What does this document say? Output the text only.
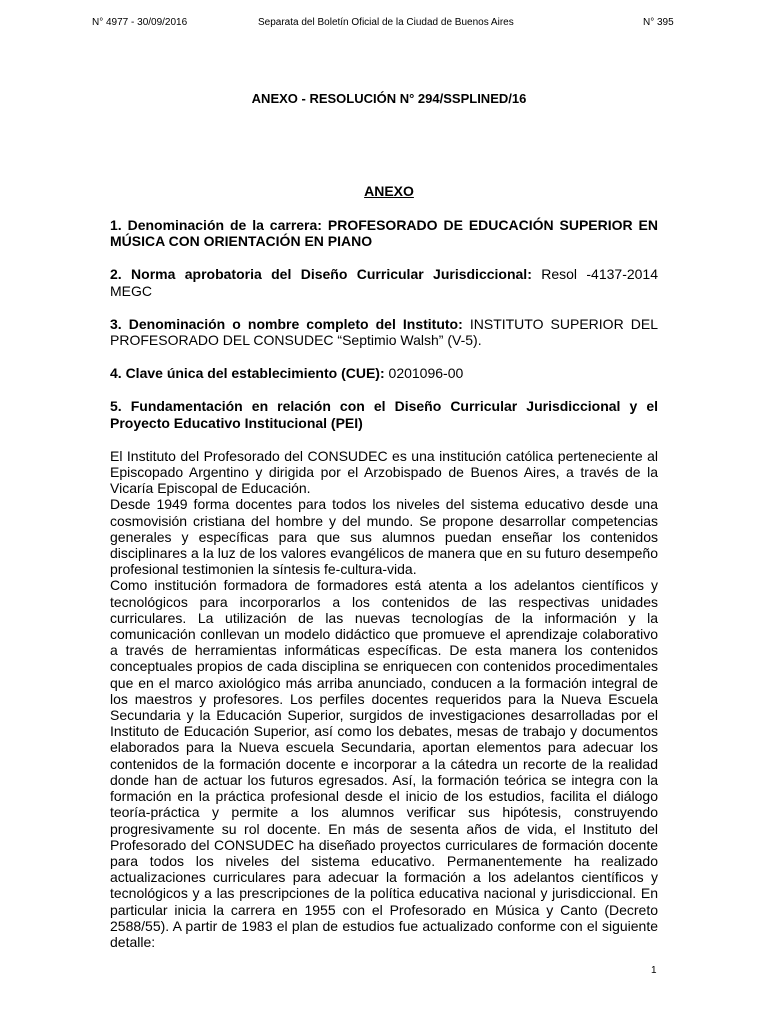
N° 4977 - 30/09/2016	Separata del Boletín Oficial de la Ciudad de Buenos Aires	N° 395
ANEXO - RESOLUCIÓN N° 294/SSPLINED/16
ANEXO

1. Denominación de la carrera: PROFESORADO DE EDUCACIÓN SUPERIOR EN MÚSICA CON ORIENTACIÓN EN PIANO

2. Norma aprobatoria del Diseño Curricular Jurisdiccional: Resol -4137-2014 MEGC

3. Denominación o nombre completo del Instituto: INSTITUTO SUPERIOR DEL PROFESORADO DEL CONSUDEC “Septimio Walsh” (V-5).

4. Clave única del establecimiento (CUE): 0201096-00

5. Fundamentación en relación con el Diseño Curricular Jurisdiccional y el Proyecto Educativo Institucional (PEI)

El Instituto del Profesorado del CONSUDEC es una institución católica perteneciente al Episcopado Argentino y dirigida por el Arzobispado de Buenos Aires, a través de la Vicaría Episcopal de Educación.

Desde 1949 forma docentes para todos los niveles del sistema educativo desde una cosmovisión cristiana del hombre y del mundo. Se propone desarrollar competencias generales y específicas para que sus alumnos puedan enseñar los contenidos disciplinares a la luz de los valores evangélicos de manera que en su futuro desempeño profesional testimonien la síntesis fe-cultura-vida.

Como institución formadora de formadores está atenta a los adelantos científicos y tecnológicos para incorporarlos a los contenidos de las respectivas unidades curriculares. La utilización de las nuevas tecnologías de la información y la comunicación conllevan un modelo didáctico que promueve el aprendizaje colaborativo a través de herramientas informáticas específicas. De esta manera los contenidos conceptuales propios de cada disciplina se enriquecen con contenidos procedimentales que en el marco axiológico más arriba anunciado, conducen a la formación integral de los maestros y profesores. Los perfiles docentes requeridos para la Nueva Escuela Secundaria y la Educación Superior, surgidos de investigaciones desarrolladas por el Instituto de Educación Superior, así como los debates, mesas de trabajo y documentos elaborados para la Nueva escuela Secundaria, aportan elementos para adecuar los contenidos de la formación docente e incorporar a la cátedra un recorte de la realidad donde han de actuar los futuros egresados. Así, la formación teórica se integra con la formación en la práctica profesional desde el inicio de los estudios, facilita el diálogo teoría-práctica y permite a los alumnos verificar sus hipótesis, construyendo progresivamente su rol docente. En más de sesenta años de vida, el Instituto del Profesorado del CONSUDEC ha diseñado proyectos curriculares de formación docente para todos los niveles del sistema educativo. Permanentemente ha realizado actualizaciones curriculares para adecuar la formación a los adelantos científicos y tecnológicos y a las prescripciones de la política educativa nacional y jurisdiccional. En particular inicia la carrera en 1955 con el Profesorado en Música y Canto (Decreto 2588/55). A partir de 1983 el plan de estudios fue actualizado conforme con el siguiente detalle:

1
